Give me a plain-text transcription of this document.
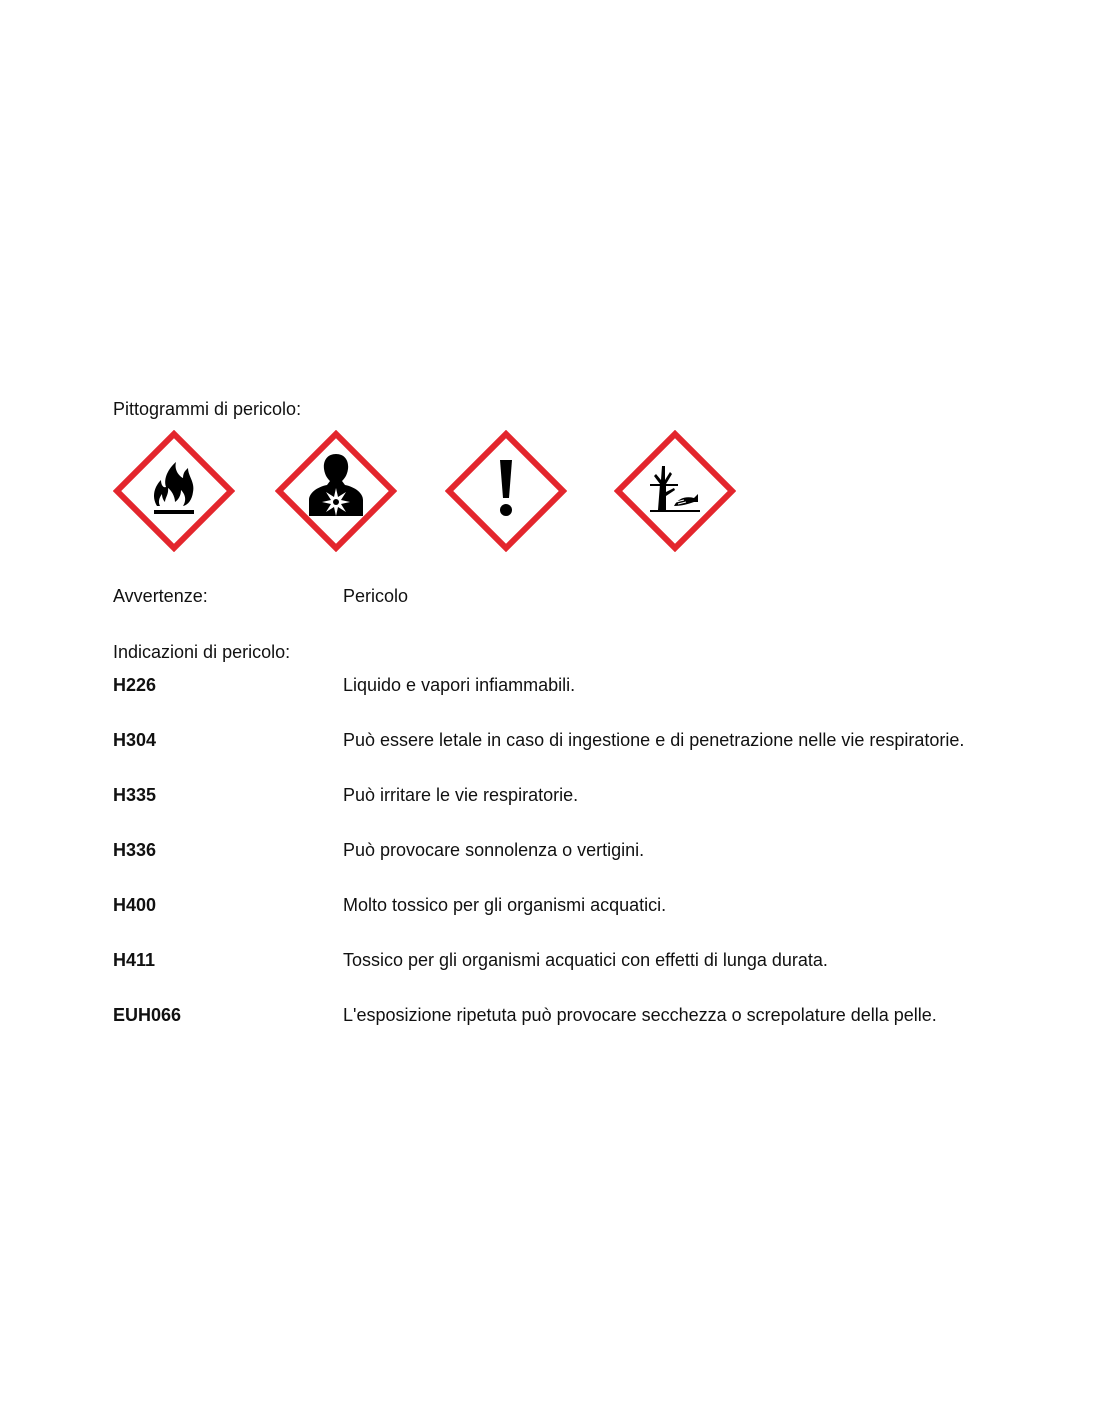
Pittogrammi di pericolo:
Avvertenze:	Pericolo
Indicazioni di pericolo:
H226	Liquido e vapori infiammabili.
H304	Può essere letale in caso di ingestione e di penetrazione nelle vie respiratorie.
H335	Può irritare le vie respiratorie.
H336	Può provocare sonnolenza o vertigini.
H400	Molto tossico per gli organismi acquatici.
H411	Tossico per gli organismi acquatici con effetti di lunga durata.
EUH066	L'esposizione ripetuta può provocare secchezza o screpolature della pelle.
